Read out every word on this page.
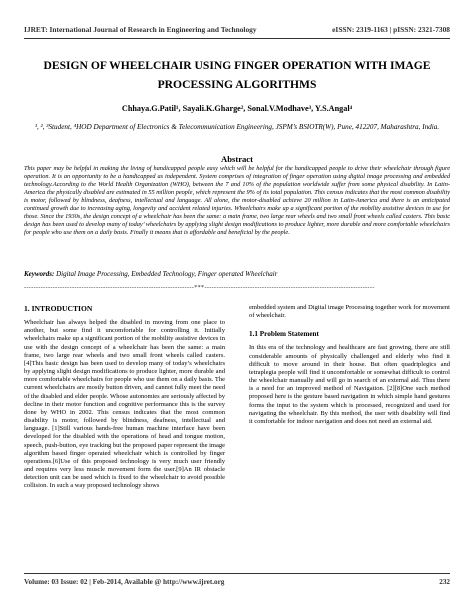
IJRET: International Journal of Research in Engineering and Technology	eISSN: 2319-1163 | pISSN: 2321-7308
DESIGN OF WHEELCHAIR USING FINGER OPERATION WITH IMAGE PROCESSING ALGORITHMS
Chhaya.G.Patil¹, Sayali.K.Gharge², Sonal.V.Modhave³, Y.S.Angal⁴
¹, ², ³Student, ⁴HOD Department of Electronics & Telecommunication Engineering, JSPM’s BSIOTR(W), Pune, 412207, Maharashtra, India.
Abstract
This paper may be helpful in making the living of handicapped people easy which will be helpful for the handicapped people to drive their wheelchair through figure operation. It is an opportunity to be a handicapped as independent. System comprises of integration of finger operation using digital image processing and embedded technology.According to the World Health Organization (WHO), between the 7 and 10% of the population worldwide suffer from some physical disability. In Latin-America the physically disabled are estimated in 55 million people, which represent the 9% of its total population. This census indicates that the most common disability is motor, followed by blindness, deafness, intellectual and language. All alone, the motor-disabled achieve 20 million in Latin-America and there is an anticipated continued growth due to increasing aging, longevity and accident related injuries. Wheelchairs make up a significant portion of the mobility assistive devices in use for those. Since the 1930s, the design concept of a wheelchair has been the same: a main frame, two large rear wheels and two small front wheels called casters. This basic design has been used to develop many of today’ wheelchairs by applying slight design modifications to produce lighter, more durable and more comfortable wheelchairs for people who use them on a daily basis. Finally it means that is affordable and beneficial by the people.
Keywords: Digital Image Processing, Embedded Technology, Finger operated Wheelchair
-----------------------------------------------------------------------***-----------------------------------------------------------------------
1. INTRODUCTION

Wheelchair has always helped the disabled in moving from one place to another, but some find it uncomfortable for controlling it. Initially wheelchairs make up a significant portion of the mobility assistive devices in use with the design concept of a wheelchair has been the same: a main frame, two large rear wheels and two small front wheels called casters. [4]This basic design has been used to develop many of today’s wheelchairs by applying slight design modifications to produce lighter, more durable and more comfortable wheelchairs for people who use them on a daily basis. The current wheelchairs are mostly button driven, and cannot fully meet the need of the disabled and elder people. Whose autonomies are seriously affected by decline in their motor function and cognitive performance this is the survey done by WHO in 2002. This census indicates that the most common disability is motor, followed by blindness, deafness, intellectual and language. [1]Still various hands-free human machine interface have been developed for the disabled with the operations of head and tongue motion, speech, push-button, eye tracking but the proposed paper represent the image algorithm based finger operated wheelchair which is controlled by finger operations.[6]Use of this proposed technology is very much user friendly and requires very less muscle movement form the user.[9]An IR obstacle detection unit can be used which is fixed to the wheelchair to avoid possible collision. In such a way proposed technology shows

embedded system and Digital image Processing together work for movement of wheelchair.

1.1 Problem Statement

In this era of the technology and healthcare are fast growing, there are still considerable amounts of physically challenged and elderly who find it difficult to move around in their house. But often quadriplegics and tetraplegia people will find it uncomfortable or somewhat difficult to control the wheelchair manually and will go in search of an external aid. Thus there is a need for an improved method of Navigation. [2][8]One such method proposed here is the gesture based navigation in which simple hand gestures forms the input to the system which is processed, recognized and used for navigating the wheelchair. By this method, the user with disability will find it comfortable for indoor navigation and does not need an external aid.

Volume: 03 Issue: 02 | Feb-2014, Available @ http://www.ijret.org	232
